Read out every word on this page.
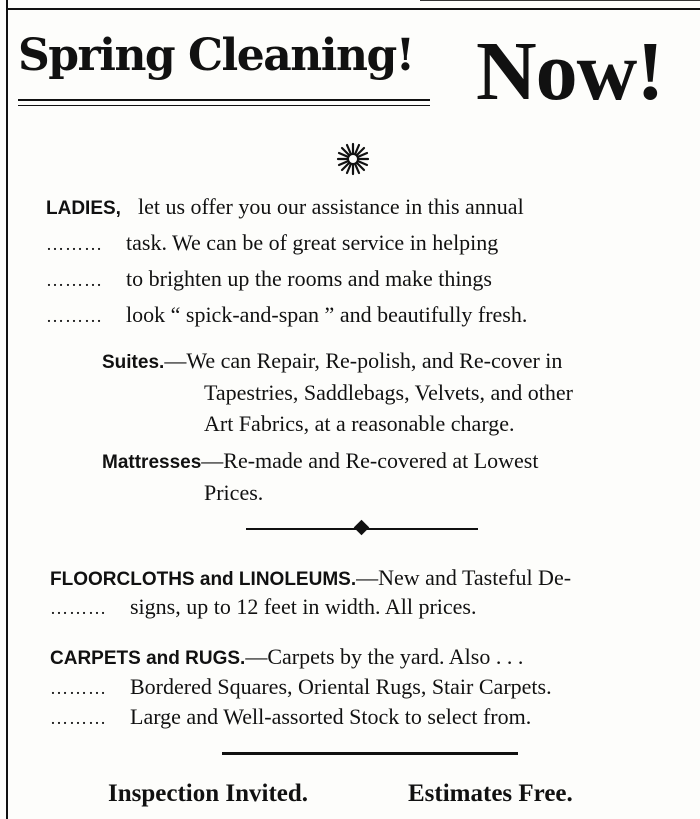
Spring Cleaning! Now!
LADIES, let us offer you our assistance in this annual
……… task. We can be of great service in helping
……… to brighten up the rooms and make things
……… look “ spick-and-span ” and beautifully fresh.
Suites.—We can Repair, Re-polish, and Re-cover in
Tapestries, Saddlebags, Velvets, and other
Art Fabrics, at a reasonable charge.
Mattresses—Re-made and Re-covered at Lowest
Prices.
FLOORCLOTHS and LINOLEUMS.—New and Tasteful De-
……… signs, up to 12 feet in width. All prices.
CARPETS and RUGS.—Carpets by the yard. Also . . .
……… Bordered Squares, Oriental Rugs, Stair Carpets.
……… Large and Well-assorted Stock to select from.
Inspection Invited.	Estimates Free.
